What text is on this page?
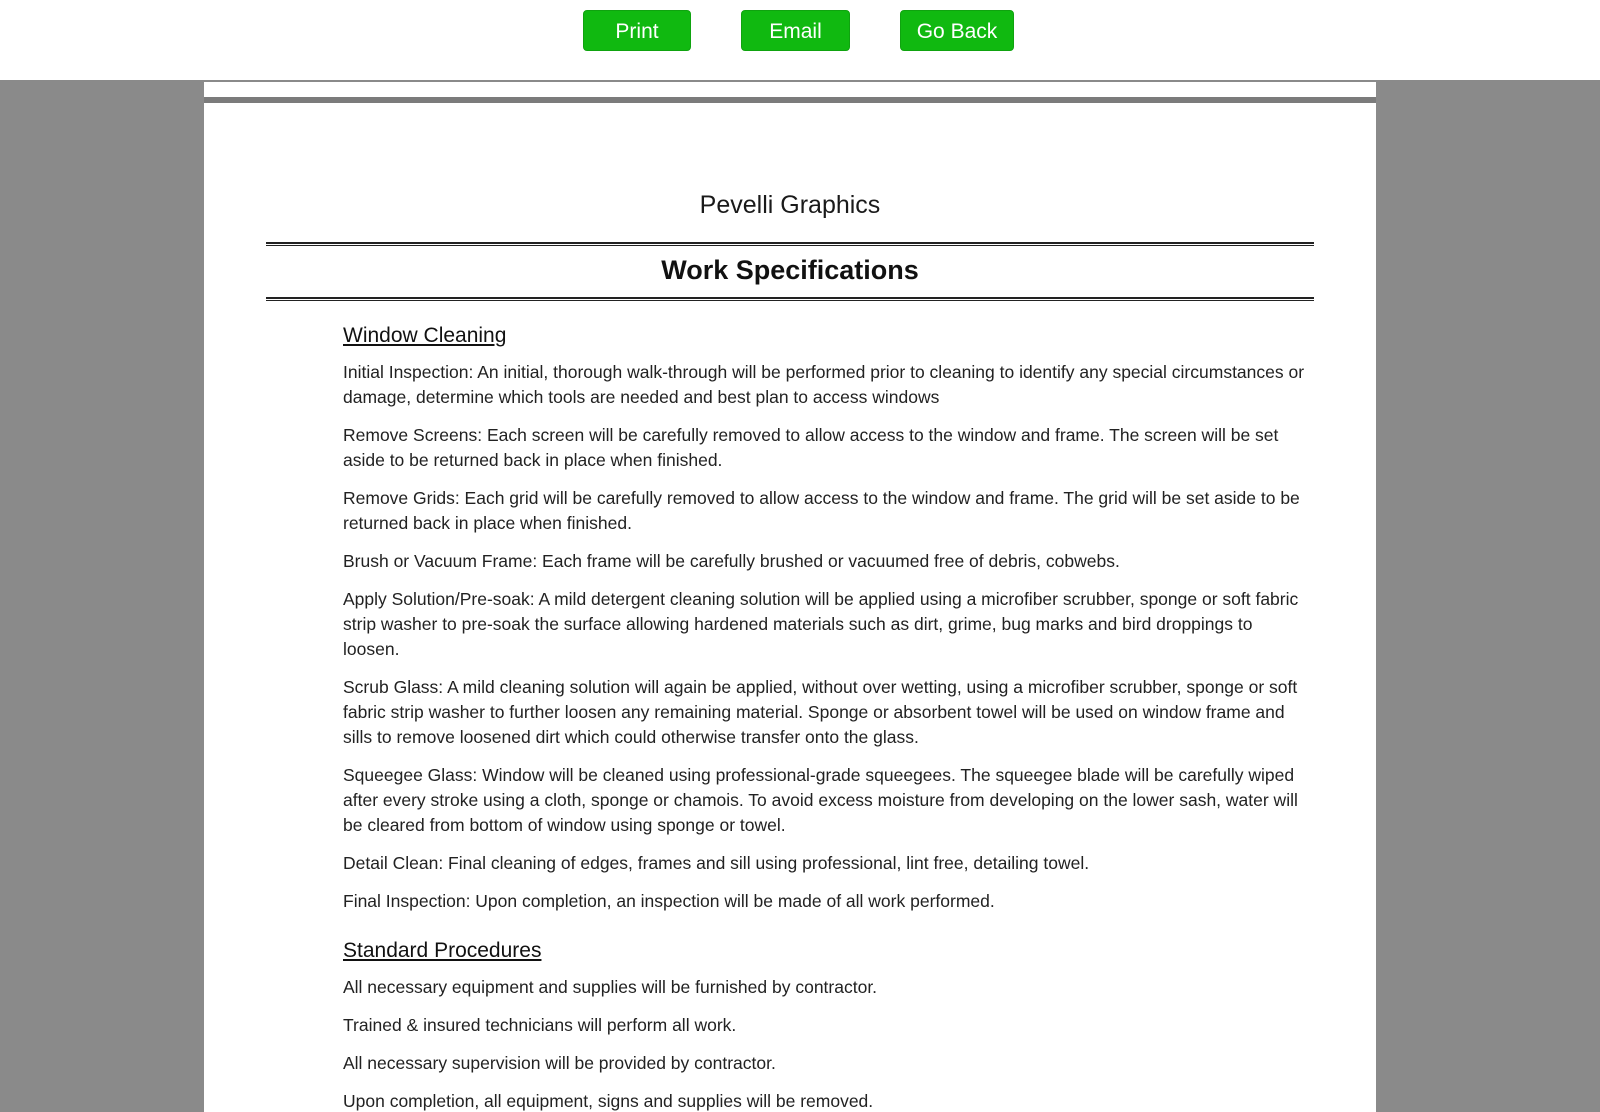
Print	Email	Go Back
Pevelli Graphics
Work Specifications
Window Cleaning

Initial Inspection: An initial, thorough walk-through will be performed prior to cleaning to identify any special circumstances or damage, determine which tools are needed and best plan to access windows

Remove Screens: Each screen will be carefully removed to allow access to the window and frame. The screen will be set aside to be returned back in place when finished.

Remove Grids: Each grid will be carefully removed to allow access to the window and frame. The grid will be set aside to be returned back in place when finished.

Brush or Vacuum Frame: Each frame will be carefully brushed or vacuumed free of debris, cobwebs.

Apply Solution/Pre-soak: A mild detergent cleaning solution will be applied using a microfiber scrubber, sponge or soft fabric strip washer to pre-soak the surface allowing hardened materials such as dirt, grime, bug marks and bird droppings to loosen.

Scrub Glass: A mild cleaning solution will again be applied, without over wetting, using a microfiber scrubber, sponge or soft fabric strip washer to further loosen any remaining material. Sponge or absorbent towel will be used on window frame and sills to remove loosened dirt which could otherwise transfer onto the glass.

Squeegee Glass: Window will be cleaned using professional-grade squeegees. The squeegee blade will be carefully wiped after every stroke using a cloth, sponge or chamois. To avoid excess moisture from developing on the lower sash, water will be cleared from bottom of window using sponge or towel.

Detail Clean: Final cleaning of edges, frames and sill using professional, lint free, detailing towel.

Final Inspection: Upon completion, an inspection will be made of all work performed.

Standard Procedures

All necessary equipment and supplies will be furnished by contractor.

Trained & insured technicians will perform all work.

All necessary supervision will be provided by contractor.

Upon completion, all equipment, signs and supplies will be removed.
